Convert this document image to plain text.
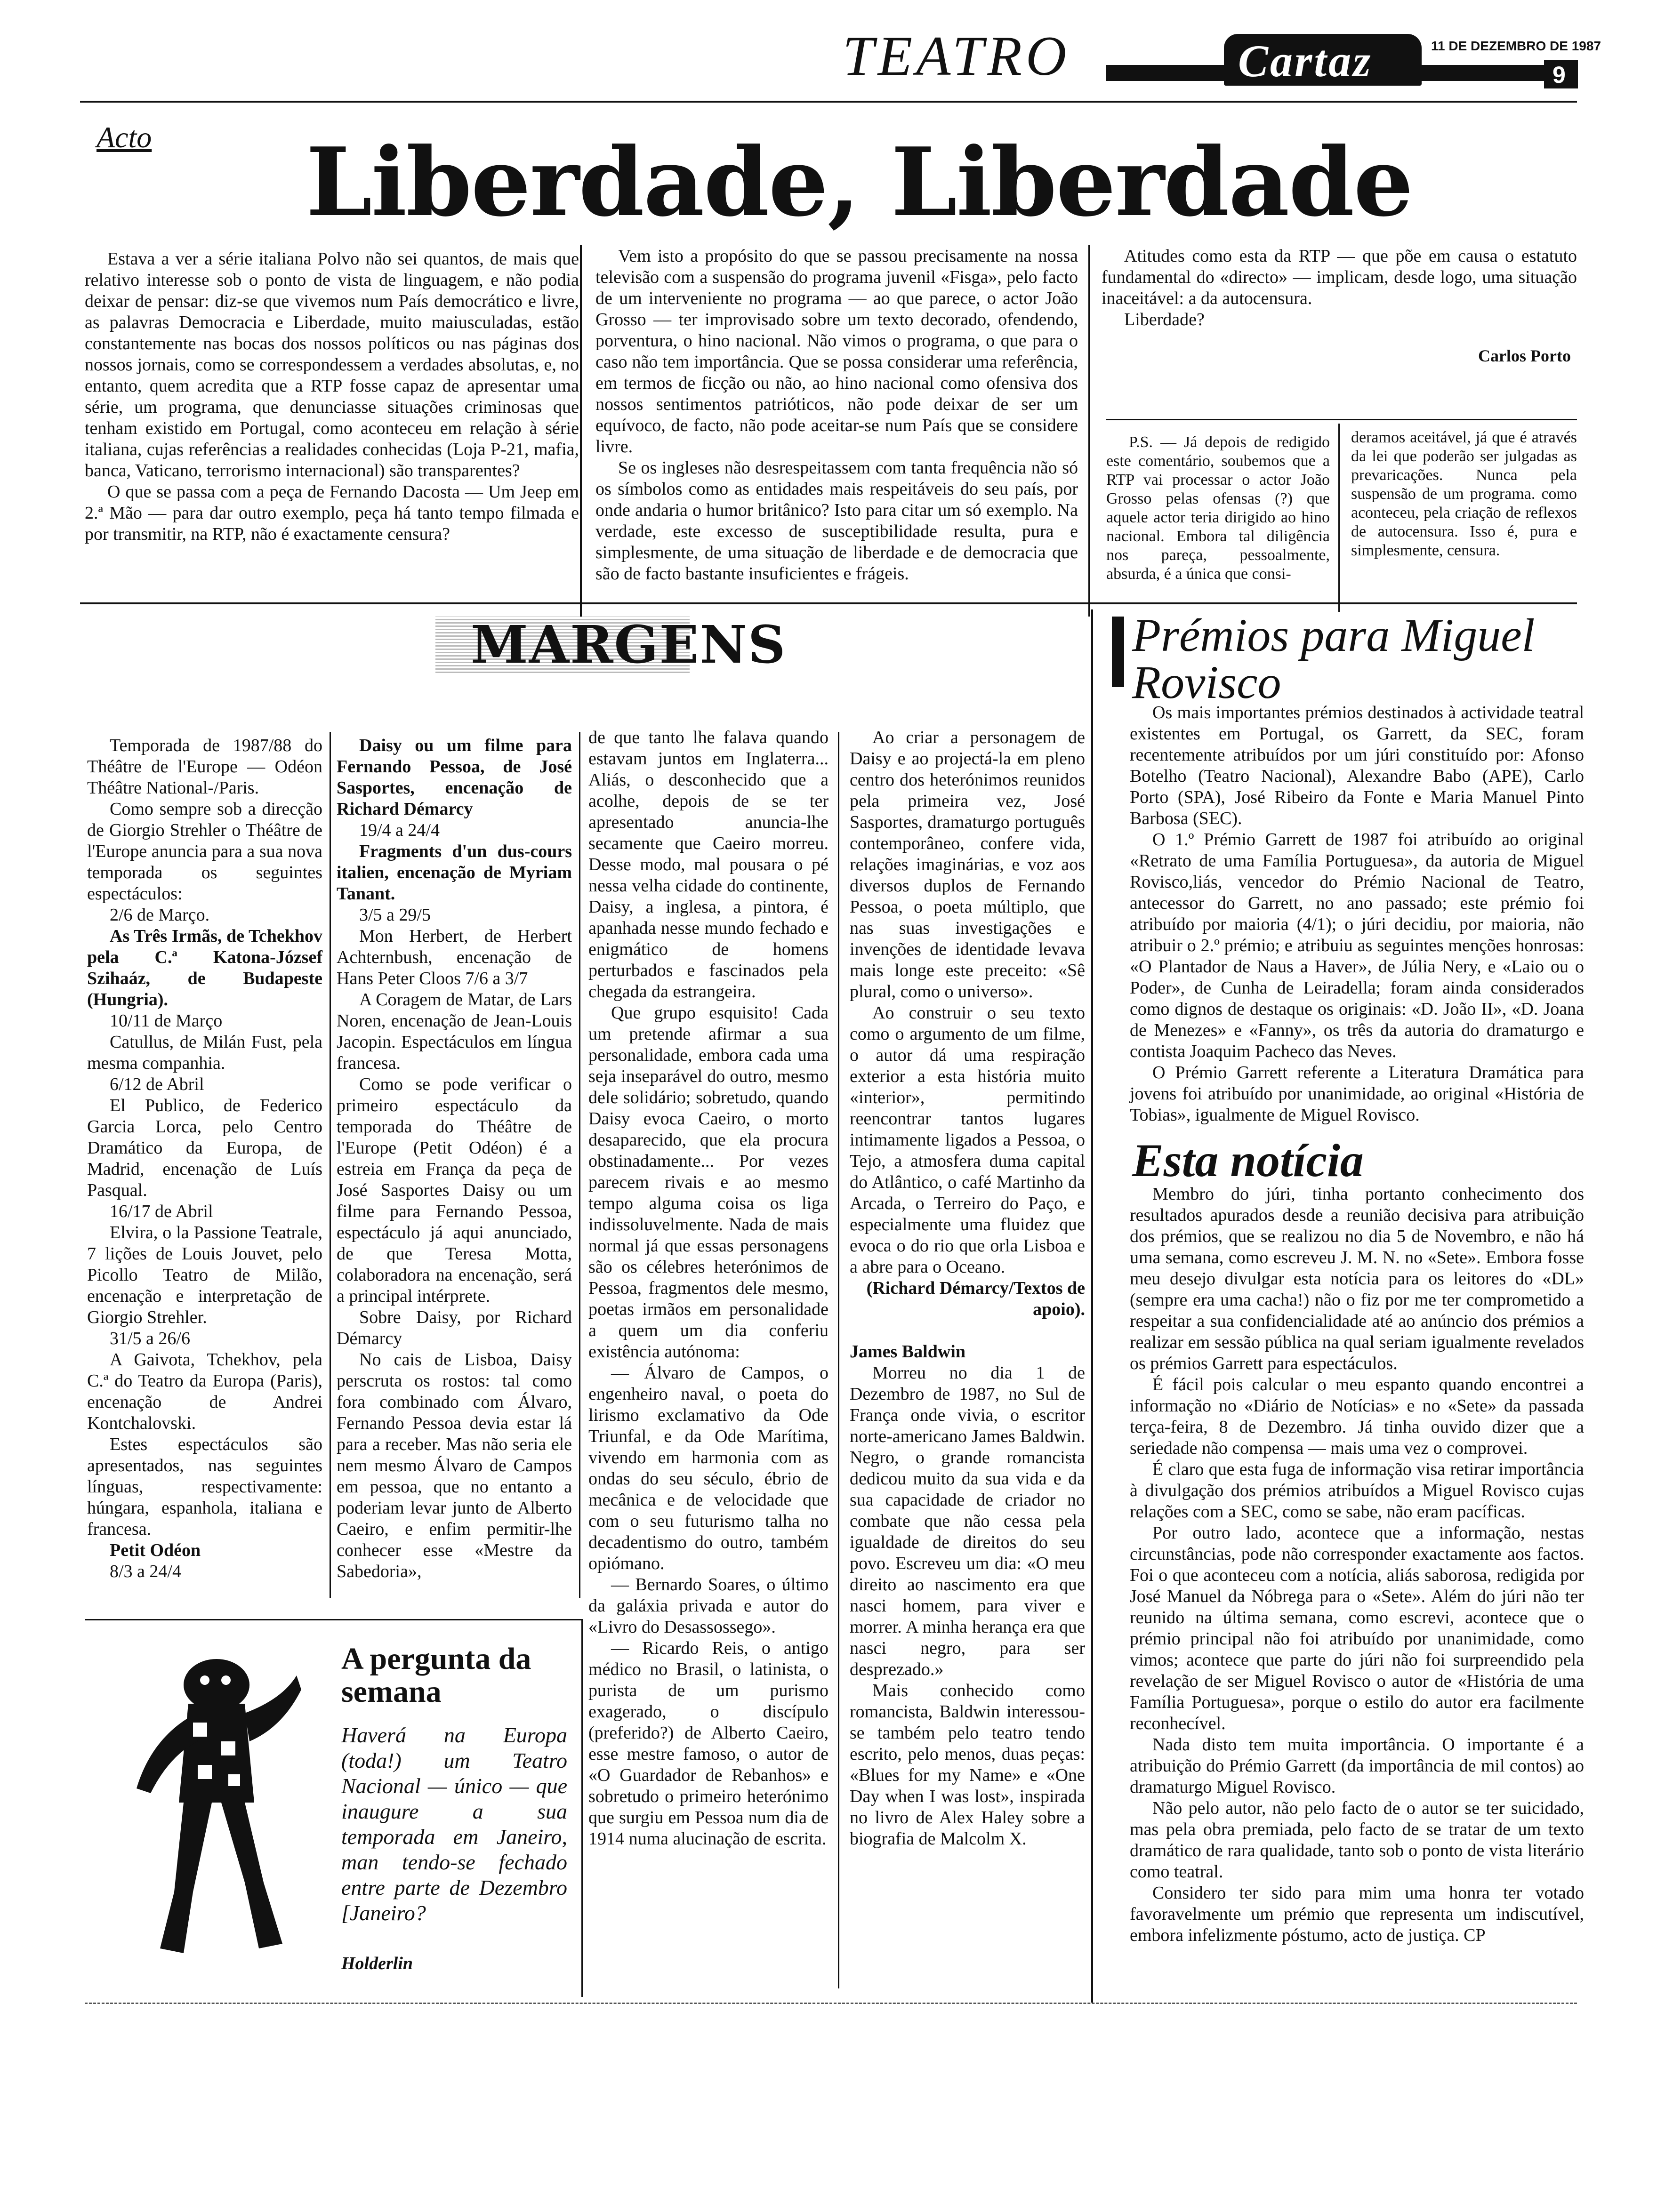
TEATRO	Cartaz	11 DE DEZEMBRO DE 1987
9
Acto Liberdade, Liberdade

Estava a ver a série italiana Polvo não sei quantos, de mais que relativo interesse sob o ponto de vista de linguagem, e não podia deixar de pensar: diz-se que vivemos num País democrático e livre, as palavras Democracia e Liberdade, muito maiusculadas, estão constantemente nas bocas dos nossos políticos ou nas páginas dos nossos jornais, como se correspondessem a verdades absolutas, e, no entanto, quem acredita que a RTP fosse capaz de apresentar uma série, um programa, que denunciasse situações criminosas que tenham existido em Portugal, como aconteceu em relação à série italiana, cujas referências a realidades conhecidas (Loja P-21, mafia, banca, Vaticano, terrorismo internacional) são transparentes?

O que se passa com a peça de Fernando Dacosta — Um Jeep em 2.ª Mão — para dar outro exemplo, peça há tanto tempo filmada e por transmitir, na RTP, não é exactamente censura?

Vem isto a propósito do que se passou precisamente na nossa televisão com a suspensão do programa juvenil «Fisga», pelo facto de um interveniente no programa — ao que parece, o actor João Grosso — ter improvisado sobre um texto decorado, ofendendo, porventura, o hino nacional. Não vimos o programa, o que para o caso não tem importância. Que se possa considerar uma referência, em termos de ficção ou não, ao hino nacional como ofensiva dos nossos sentimentos patrióticos, não pode deixar de ser um equívoco, de facto, não pode aceitar-se num País que se considere livre.

Se os ingleses não desrespeitassem com tanta frequência não só os símbolos como as entidades mais respeitáveis do seu país, por onde andaria o humor britânico? Isto para citar um só exemplo. Na verdade, este excesso de susceptibilidade resulta, pura e simplesmente, de uma situação de liberdade e de democracia que são de facto bastante insuficientes e frágeis.

Atitudes como esta da RTP — que põe em causa o estatuto fundamental do «directo» — implicam, desde logo, uma situação inaceitável: a da autocensura.

Liberdade?

Carlos Porto

P.S. — Já depois de redigido este comentário, soubemos que a RTP vai processar o actor João Grosso pelas ofensas (?) que aquele actor teria dirigido ao hino nacional. Embora tal diligência nos pareça, pessoalmente, absurda, é a única que consi-

deramos aceitável, já que é através da lei que poderão ser julgadas as prevaricações. Nunca pela suspensão de um programa. como aconteceu, pela criação de reflexos de autocensura. Isso é, pura e simplesmente, censura.

MARGENS

Temporada de 1987/88 do Théâtre de l'Europe — Odéon Théâtre National-/Paris.

Como sempre sob a direcção de Giorgio Strehler o Théâtre de l'Europe anuncia para a sua nova temporada os seguintes espectáculos:

2/6 de Março.

As Três Irmãs, de Tchekhov pela C.ª Katona-József Szihaáz, de Budapeste (Hungria).

10/11 de Março

Catullus, de Milán Fust, pela mesma companhia.

6/12 de Abril

El Publico, de Federico Garcia Lorca, pelo Centro Dramático da Europa, de Madrid, encenação de Luís Pasqual.

16/17 de Abril

Elvira, o la Passione Teatrale, 7 lições de Louis Jouvet, pelo Picollo Teatro de Milão, encenação e interpretação de Giorgio Strehler.

31/5 a 26/6

A Gaivota, Tchekhov, pela C.ª do Teatro da Europa (Paris), encenação de Andrei Kontchalovski.

Estes espectáculos são apresentados, nas seguintes línguas, respectivamente: húngara, espanhola, italiana e francesa.

Petit Odéon

8/3 a 24/4

Daisy ou um filme para Fernando Pessoa, de José Sasportes, encenação de Richard Démarcy

19/4 a 24/4

Fragments d'un dus-cours italien, encenação de Myriam Tanant.

3/5 a 29/5

Mon Herbert, de Herbert Achternbush, encenação de Hans Peter Cloos 7/6 a 3/7

A Coragem de Matar, de Lars Noren, encenação de Jean-Louis Jacopin. Espectáculos em língua francesa.

Como se pode verificar o primeiro espectáculo da temporada do Théâtre de l'Europe (Petit Odéon) é a estreia em França da peça de José Sasportes Daisy ou um filme para Fernando Pessoa, espectáculo já aqui anunciado, de que Teresa Motta, colaboradora na encenação, será a principal intérprete.

Sobre Daisy, por Richard Démarcy

No cais de Lisboa, Daisy perscruta os rostos: tal como fora combinado com Álvaro, Fernando Pessoa devia estar lá para a receber. Mas não seria ele nem mesmo Álvaro de Campos em pessoa, que no entanto a poderiam levar junto de Alberto Caeiro, e enfim permitir-lhe conhecer esse «Mestre da Sabedoria»,

de que tanto lhe falava quando estavam juntos em Inglaterra... Aliás, o desconhecido que a acolhe, depois de se ter apresentado anuncia-lhe secamente que Caeiro morreu. Desse modo, mal pousara o pé nessa velha cidade do continente, Daisy, a inglesa, a pintora, é apanhada nesse mundo fechado e enigmático de homens perturbados e fascinados pela chegada da estrangeira.

Que grupo esquisito! Cada um pretende afirmar a sua personalidade, embora cada uma seja inseparável do outro, mesmo dele solidário; sobretudo, quando Daisy evoca Caeiro, o morto desaparecido, que ela procura obstinadamente... Por vezes parecem rivais e ao mesmo tempo alguma coisa os liga indissoluvelmente. Nada de mais normal já que essas personagens são os célebres heterónimos de Pessoa, fragmentos dele mesmo, poetas irmãos em personalidade a quem um dia conferiu existência autónoma:

— Álvaro de Campos, o engenheiro naval, o poeta do lirismo exclamativo da Ode Triunfal, e da Ode Marítima, vivendo em harmonia com as ondas do seu século, ébrio de mecânica e de velocidade que com o seu futurismo talha no decadentismo do outro, também opiómano.

— Bernardo Soares, o último da galáxia privada e autor do «Livro do Desassossego».

— Ricardo Reis, o antigo médico no Brasil, o latinista, o purista de um purismo exagerado, o discípulo (preferido?) de Alberto Caeiro, esse mestre famoso, o autor de «O Guardador de Rebanhos» e sobretudo o primeiro heterónimo que surgiu em Pessoa num dia de 1914 numa alucinação de escrita.

Ao criar a personagem de Daisy e ao projectá-la em pleno centro dos heterónimos reunidos pela primeira vez, José Sasportes, dramaturgo português contemporâneo, confere vida, relações imaginárias, e voz aos diversos duplos de Fernando Pessoa, o poeta múltiplo, que nas suas investigações e invenções de identidade levava mais longe este preceito: «Sê plural, como o universo».

Ao construir o seu texto como o argumento de um filme, o autor dá uma respiração exterior a esta história muito «interior», permitindo reencontrar tantos lugares intimamente ligados a Pessoa, o Tejo, a atmosfera duma capital do Atlântico, o café Martinho da Arcada, o Terreiro do Paço, e especialmente uma fluidez que evoca o do rio que orla Lisboa e a abre para o Oceano.

(Richard Démarcy/Textos de apoio).

James Baldwin

Morreu no dia 1 de Dezembro de 1987, no Sul de França onde vivia, o escritor norte-americano James Baldwin. Negro, o grande romancista dedicou muito da sua vida e da sua capacidade de criador no combate que não cessa pela igualdade de direitos do seu povo. Escreveu um dia: «O meu direito ao nascimento era que nasci homem, para viver e morrer. A minha herança era que nasci negro, para ser desprezado.»

Mais conhecido como romancista, Baldwin interessou-se também pelo teatro tendo escrito, pelo menos, duas peças: «Blues for my Name» e «One Day when I was lost», inspirada no livro de Alex Haley sobre a biografia de Malcolm X.

A pergunta da semana
Haverá na Europa (toda!) um Teatro Nacional — único — que inaugure a sua temporada em Janeiro, man tendo-se fechado entre parte de Dezembro [Janeiro?
Holderlin
Prémios para Miguel Rovisco

Os mais importantes prémios destinados à actividade teatral existentes em Portugal, os Garrett, da SEC, foram recentemente atribuídos por um júri constituído por: Afonso Botelho (Teatro Nacional), Alexandre Babo (APE), Carlo Porto (SPA), José Ribeiro da Fonte e Maria Manuel Pinto Barbosa (SEC).

O 1.º Prémio Garrett de 1987 foi atribuído ao original «Retrato de uma Família Portuguesa», da autoria de Miguel Rovisco,liás, vencedor do Prémio Nacional de Teatro, antecessor do Garrett, no ano passado; este prémio foi atribuído por maioria (4/1); o júri decidiu, por maioria, não atribuir o 2.º prémio; e atribuiu as seguintes menções honrosas: «O Plantador de Naus a Haver», de Júlia Nery, e «Laio ou o Poder», de Cunha de Leiradella; foram ainda considerados como dignos de destaque os originais: «D. João II», «D. Joana de Menezes» e «Fanny», os três da autoria do dramaturgo e contista Joaquim Pacheco das Neves.

O Prémio Garrett referente a Literatura Dramática para jovens foi atribuído por unanimidade, ao original «História de Tobias», igualmente de Miguel Rovisco.

Esta notícia

Membro do júri, tinha portanto conhecimento dos resultados apurados desde a reunião decisiva para atribuição dos prémios, que se realizou no dia 5 de Novembro, e não há uma semana, como escreveu J. M. N. no «Sete». Embora fosse meu desejo divulgar esta notícia para os leitores do «DL» (sempre era uma cacha!) não o fiz por me ter comprometido a respeitar a sua confidencialidade até ao anúncio dos prémios a realizar em sessão pública na qual seriam igualmente revelados os prémios Garrett para espectáculos.

É fácil pois calcular o meu espanto quando encontrei a informação no «Diário de Notícias» e no «Sete» da passada terça-feira, 8 de Dezembro. Já tinha ouvido dizer que a seriedade não compensa — mais uma vez o comprovei.

É claro que esta fuga de informação visa retirar importância à divulgação dos prémios atribuídos a Miguel Rovisco cujas relações com a SEC, como se sabe, não eram pacíficas.

Por outro lado, acontece que a informação, nestas circunstâncias, pode não corresponder exactamente aos factos. Foi o que aconteceu com a notícia, aliás saborosa, redigida por José Manuel da Nóbrega para o «Sete». Além do júri não ter reunido na última semana, como escrevi, acontece que o prémio principal não foi atribuído por unanimidade, como vimos; acontece que parte do júri não foi surpreendido pela revelação de ser Miguel Rovisco o autor de «História de uma Família Portuguesa», porque o estilo do autor era facilmente reconhecível.

Nada disto tem muita importância. O importante é a atribuição do Prémio Garrett (da importância de mil contos) ao dramaturgo Miguel Rovisco.

Não pelo autor, não pelo facto de o autor se ter suicidado, mas pela obra premiada, pelo facto de se tratar de um texto dramático de rara qualidade, tanto sob o ponto de vista literário como teatral.

Considero ter sido para mim uma honra ter votado favoravelmente um prémio que representa um indiscutível, embora infelizmente póstumo, acto de justiça. CP
